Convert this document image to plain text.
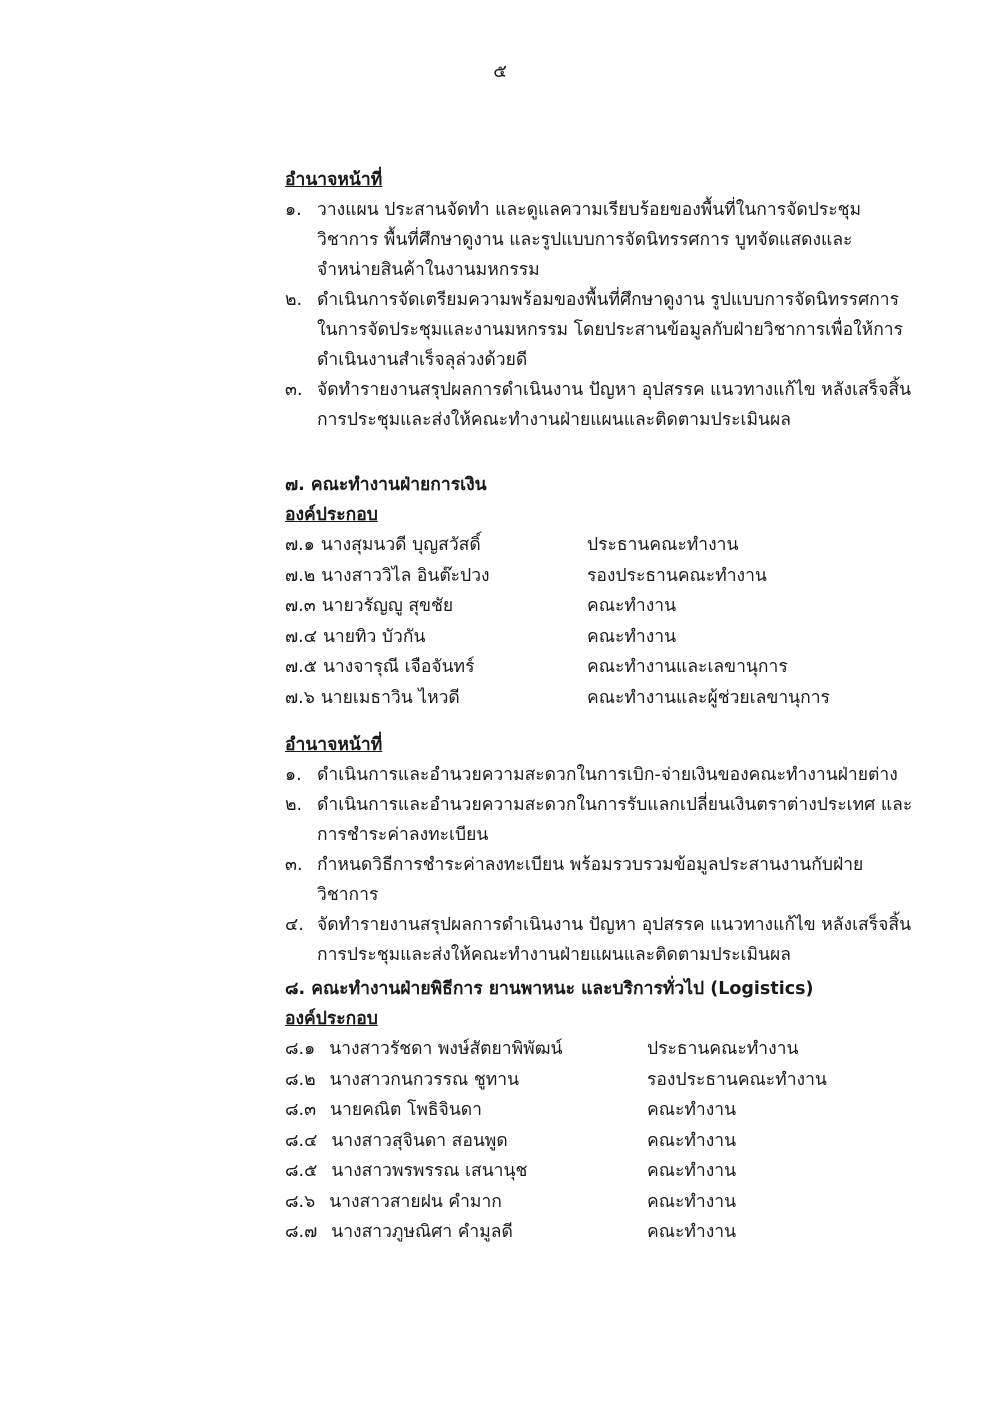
๕
อำนาจหน้าที่
๑. วางแผน ประสานจัดทำ และดูแลความเรียบร้อยของพื้นที่ในการจัดประชุมวิชาการ พื้นที่ศึกษาดูงาน และรูปแบบการจัดนิทรรศการ บูทจัดแสดงและจำหน่ายสินค้าในงานมหกรรม
๒. ดำเนินการจัดเตรียมความพร้อมของพื้นที่ศึกษาดูงาน รูปแบบการจัดนิทรรศการในการจัดประชุมและงานมหกรรม โดยประสานข้อมูลกับฝ่ายวิชาการเพื่อให้การดำเนินงานสำเร็จลุล่วงด้วยดี
๓. จัดทำรายงานสรุปผลการดำเนินงาน ปัญหา อุปสรรค แนวทางแก้ไข หลังเสร็จสิ้นการประชุมและส่งให้คณะทำงานฝ่ายแผนและติดตามประเมินผล
๗. คณะทำงานฝ่ายการเงิน
องค์ประกอบ
๗.๑ นางสุมนวดี บุญสวัสดิ์	ประธานคณะทำงาน
๗.๒ นางสาววิไล อินต๊ะปวง	รองประธานคณะทำงาน
๗.๓ นายวรัญญู สุขชัย	คณะทำงาน
๗.๔ นายทิว บัวกัน	คณะทำงาน
๗.๕ นางจารุณี เจือจันทร์	คณะทำงานและเลขานุการ
๗.๖ นายเมธาวิน ไหวดี	คณะทำงานและผู้ช่วยเลขานุการ
อำนาจหน้าที่
๑. ดำเนินการและอำนวยความสะดวกในการเบิก-จ่ายเงินของคณะทำงานฝ่ายต่าง
๒. ดำเนินการและอำนวยความสะดวกในการรับแลกเปลี่ยนเงินตราต่างประเทศ และการชำระค่าลงทะเบียน
๓. กำหนดวิธีการชำระค่าลงทะเบียน พร้อมรวบรวมข้อมูลประสานงานกับฝ่ายวิชาการ
๔. จัดทำรายงานสรุปผลการดำเนินงาน ปัญหา อุปสรรค แนวทางแก้ไข หลังเสร็จสิ้นการประชุมและส่งให้คณะทำงานฝ่ายแผนและติดตามประเมินผล
๘. คณะทำงานฝ่ายพิธีการ ยานพาหนะ และบริการทั่วไป (Logistics)
องค์ประกอบ
๘.๑ นางสาวรัชดา พงษ์สัตยาพิพัฒน์	ประธานคณะทำงาน
๘.๒ นางสาวกนกวรรณ ชูทาน	รองประธานคณะทำงาน
๘.๓ นายคณิต โพธิจินดา	คณะทำงาน
๘.๔ นางสาวสุจินดา สอนพูด	คณะทำงาน
๘.๕ นางสาวพรพรรณ เสนานุช	คณะทำงาน
๘.๖ นางสาวสายฝน คำมาก	คณะทำงาน
๘.๗ นางสาวภูษณิศา คำมูลดี	คณะทำงาน
